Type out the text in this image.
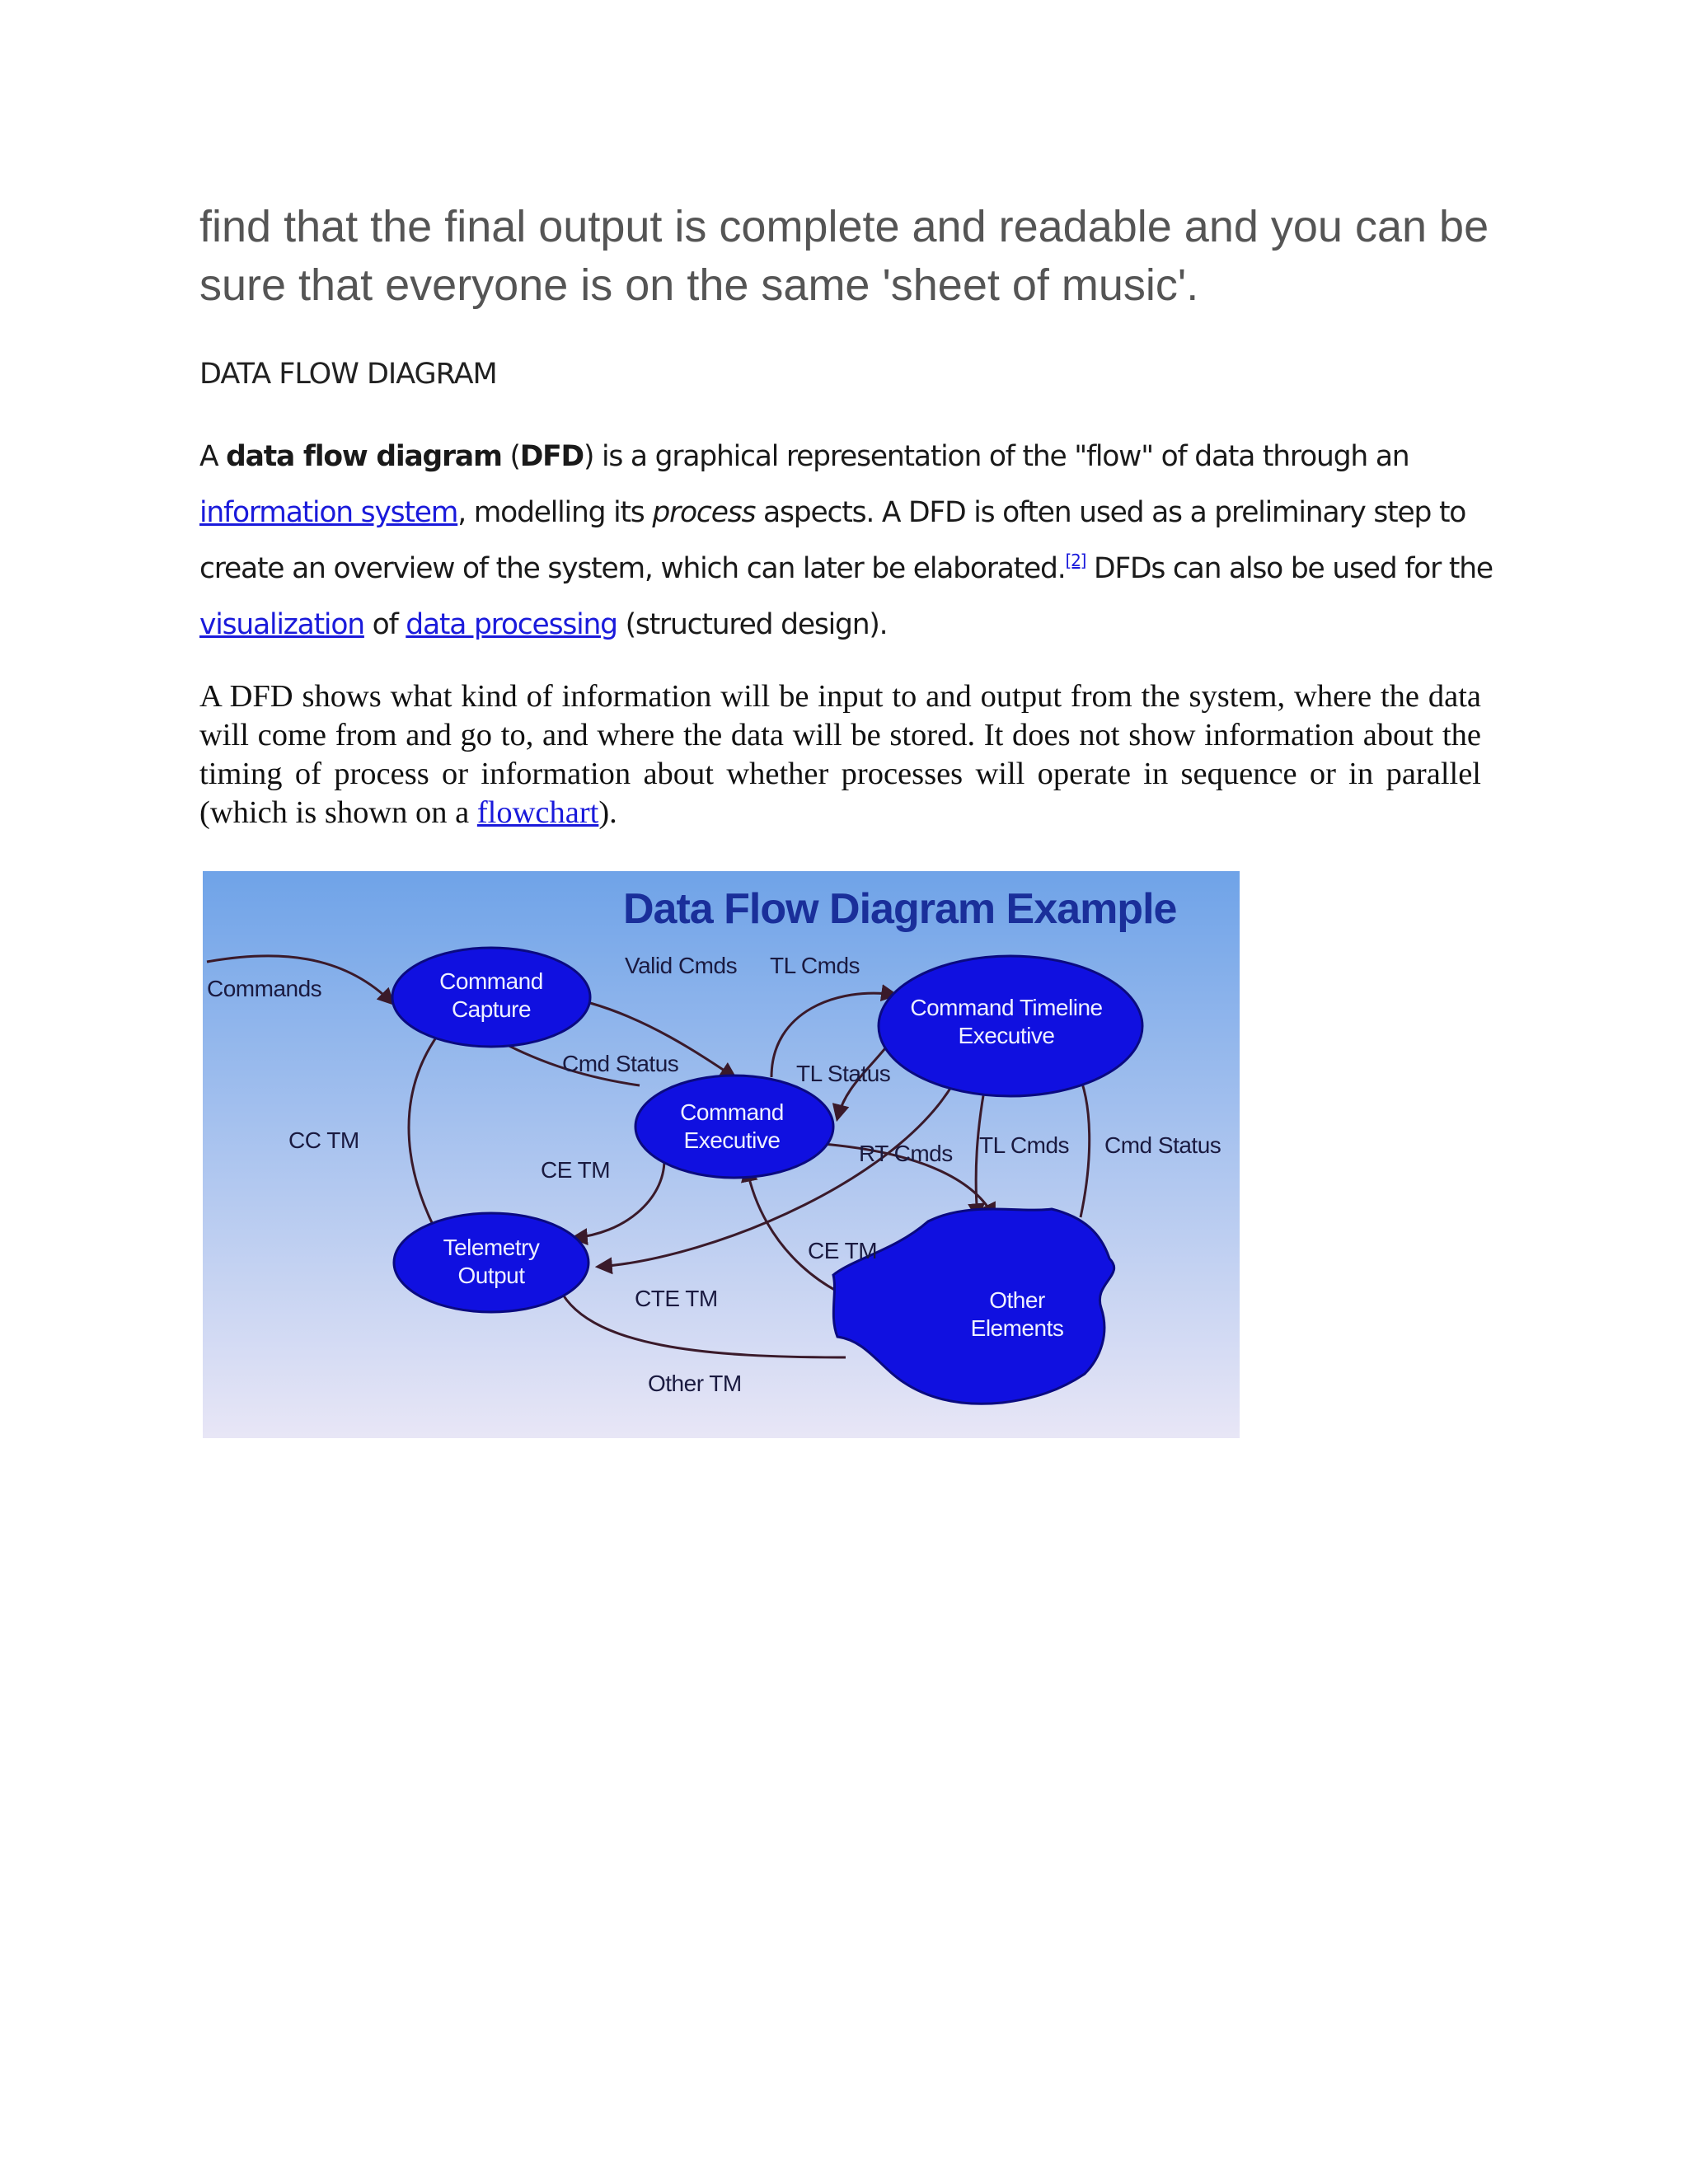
find that the final output is complete and readable and you can be sure that everyone is on the same 'sheet of music'.

DATA FLOW DIAGRAM

A data flow diagram (DFD) is a graphical representation of the "flow" of data through an information system, modelling its process aspects. A DFD is often used as a preliminary step to create an overview of the system, which can later be elaborated.[2] DFDs can also be used for the visualization of data processing (structured design).

A DFD shows what kind of information will be input to and output from the system, where the data will come from and go to, and where the data will be stored. It does not show information about the timing of process or information about whether processes will operate in sequence or in parallel (which is shown on a flowchart).

Data Flow Diagram Example
Command
Capture	Command Timeline
Executive
Command
Executive
Telemetry
Output
Other
Elements
Commands
Valid Cmds TL Cmds
Cmd Status	TL Status
CC TM
CE TM
RT Cmds TL Cmds Cmd Status
CE TM
CTE TM
Other TM
